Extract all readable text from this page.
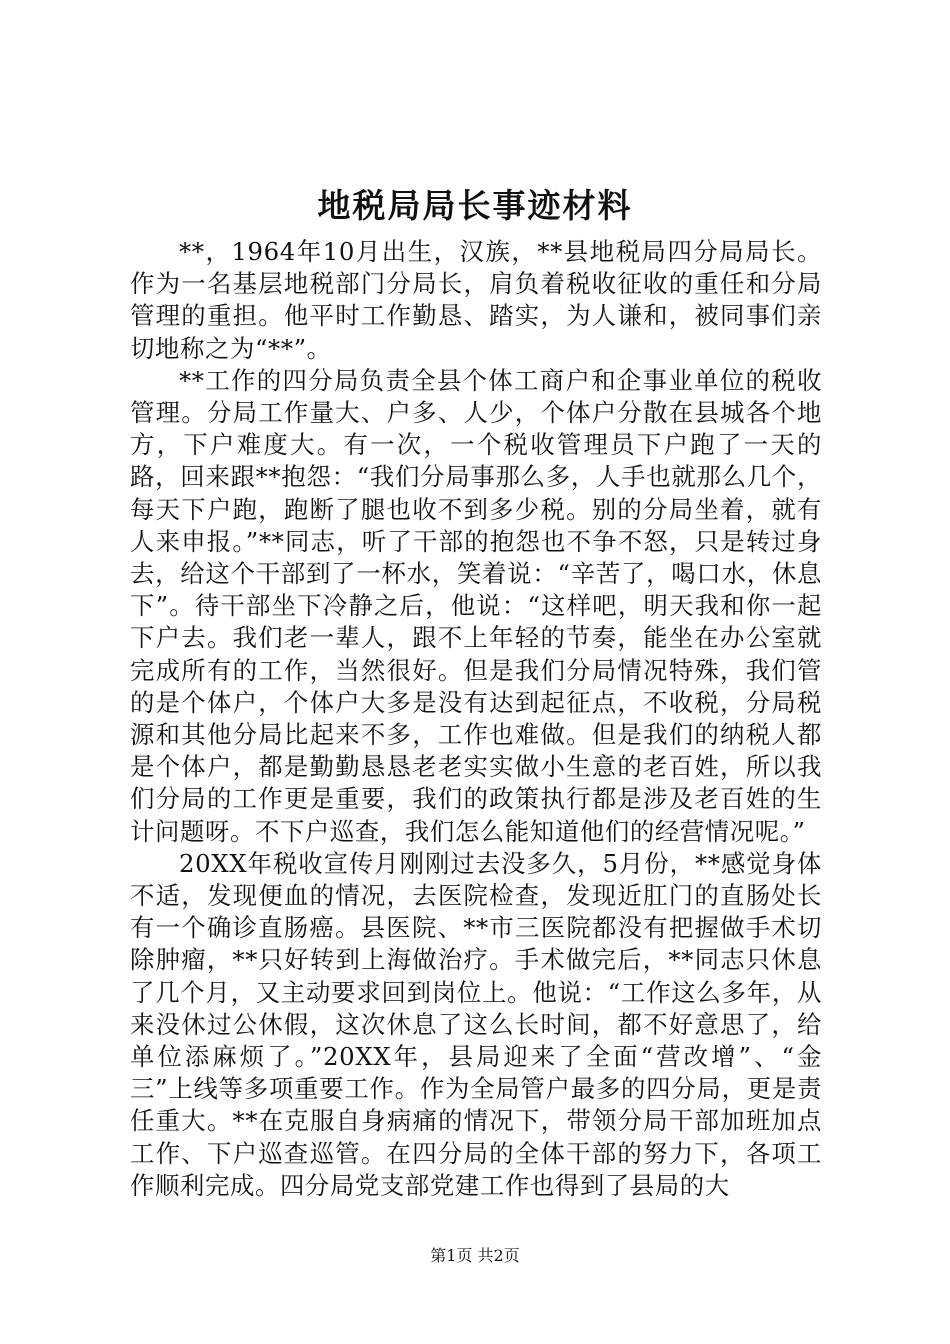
地税局局长事迹材料

**，1964年10月出生，汉族，**县地税局四分局局长。作为一名基层地税部门分局长，肩负着税收征收的重任和分局管理的重担。他平时工作勤恳、踏实，为人谦和，被同事们亲切地称之为“**”。

**工作的四分局负责全县个体工商户和企事业单位的税收管理。分局工作量大、户多、人少，个体户分散在县城各个地方，下户难度大。有一次，一个税收管理员下户跑了一天的路，回来跟**抱怨：“我们分局事那么多，人手也就那么几个，每天下户跑，跑断了腿也收不到多少税。别的分局坐着，就有人来申报。”**同志，听了干部的抱怨也不争不怒，只是转过身去，给这个干部到了一杯水，笑着说：“辛苦了，喝口水，休息下”。待干部坐下冷静之后，他说：“这样吧，明天我和你一起下户去。我们老一辈人，跟不上年轻的节奏，能坐在办公室就完成所有的工作，当然很好。但是我们分局情况特殊，我们管的是个体户，个体户大多是没有达到起征点，不收税，分局税源和其他分局比起来不多，工作也难做。但是我们的纳税人都是个体户，都是勤勤恳恳老老实实做小生意的老百姓，所以我们分局的工作更是重要，我们的政策执行都是涉及老百姓的生计问题呀。不下户巡查，我们怎么能知道他们的经营情况呢。”

20XX年税收宣传月刚刚过去没多久，5月份，**感觉身体不适，发现便血的情况，去医院检查，发现近肛门的直肠处长有一个确诊直肠癌。县医院、**市三医院都没有把握做手术切除肿瘤，**只好转到上海做治疗。手术做完后，**同志只休息了几个月，又主动要求回到岗位上。他说：“工作这么多年，从来没休过公休假，这次休息了这么长时间，都不好意思了，给单位添麻烦了。”20XX年，县局迎来了全面“营改增”、“金三”上线等多项重要工作。作为全局管户最多的四分局，更是责任重大。**在克服自身病痛的情况下，带领分局干部加班加点工作、下户巡查巡管。在四分局的全体干部的努力下，各项工作顺利完成。四分局党支部党建工作也得到了县局的大

第1页 共2页
